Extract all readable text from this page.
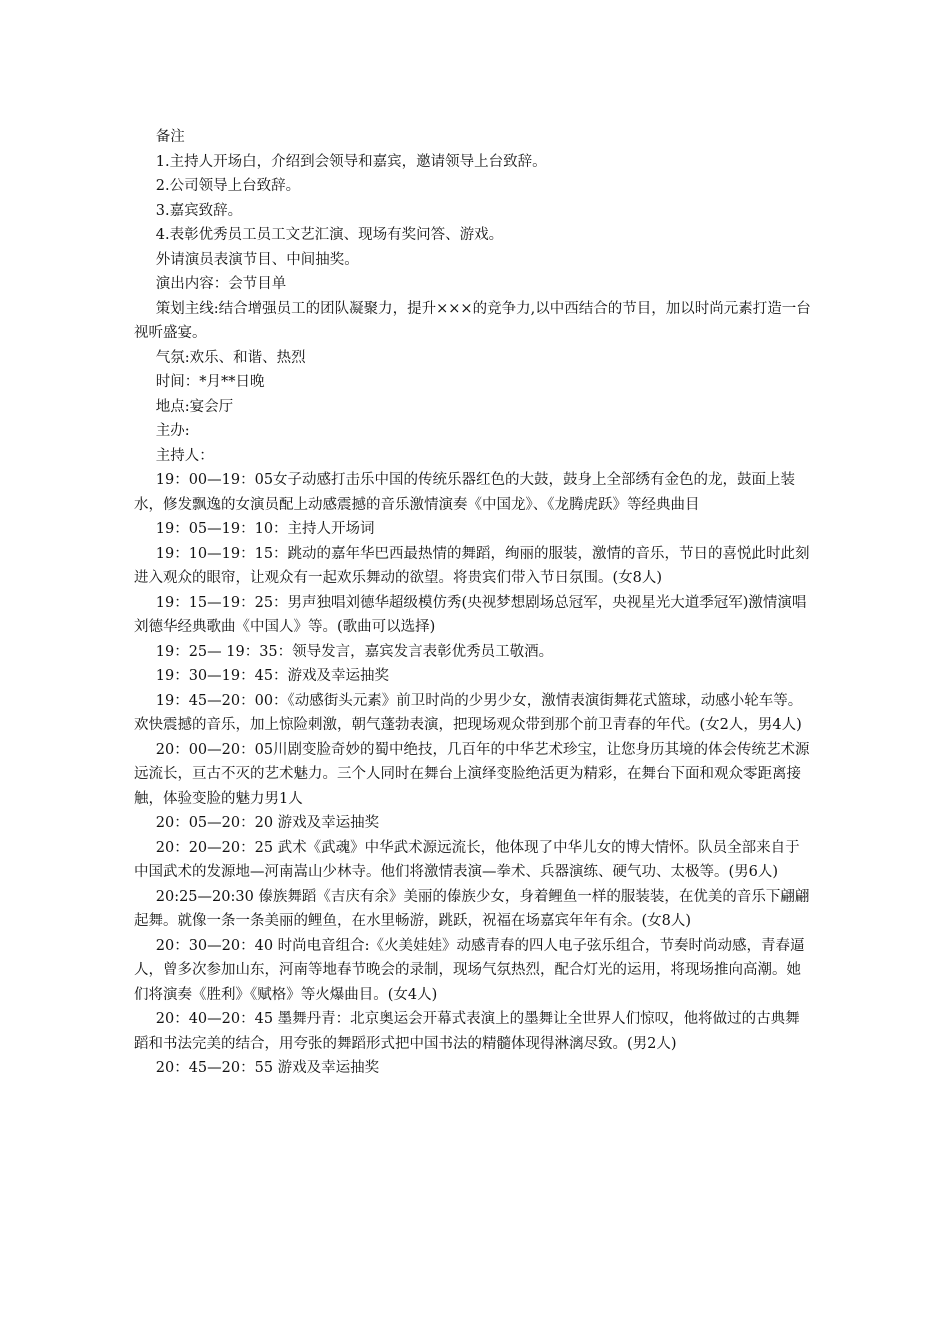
备注

1.主持人开场白，介绍到会领导和嘉宾，邀请领导上台致辞。

2.公司领导上台致辞。

3.嘉宾致辞。

4.表彰优秀员工员工文艺汇演、现场有奖问答、游戏。

外请演员表演节目、中间抽奖。

演出内容：会节目单

策划主线:结合增强员工的团队凝聚力，提升×××的竞争力,以中西结合的节目，加以时尚元素打造一台视听盛宴。

气氛:欢乐、和谐、热烈

时间：*月**日晚

地点:宴会厅

主办:

主持人：

19：00—19：05女子动感打击乐中国的传统乐器红色的大鼓，鼓身上全部绣有金色的龙，鼓面上装水，修发飘逸的女演员配上动感震撼的音乐激情演奏《中国龙》、《龙腾虎跃》等经典曲目

19：05—19：10：主持人开场词

19：10—19：15：跳动的嘉年华巴西最热情的舞蹈，绚丽的服装，激情的音乐，节日的喜悦此时此刻进入观众的眼帘，让观众有一起欢乐舞动的欲望。将贵宾们带入节日氛围。(女8人)

19：15—19：25：男声独唱刘德华超级模仿秀(央视梦想剧场总冠军，央视星光大道季冠军)激情演唱刘德华经典歌曲《中国人》等。(歌曲可以选择)

19：25— 19：35：领导发言，嘉宾发言表彰优秀员工敬酒。

19：30—19：45：游戏及幸运抽奖

19：45—20：00：《动感街头元素》前卫时尚的少男少女，激情表演街舞花式篮球，动感小轮车等。欢快震撼的音乐，加上惊险刺激，朝气蓬勃表演，把现场观众带到那个前卫青春的年代。(女2人，男4人)

20：00—20：05川剧变脸奇妙的蜀中绝技，几百年的中华艺术珍宝，让您身历其境的体会传统艺术源远流长，亘古不灭的艺术魅力。三个人同时在舞台上演绎变脸绝活更为精彩，在舞台下面和观众零距离接触，体验变脸的魅力男1人

20：05—20：20 游戏及幸运抽奖

20：20—20：25 武术《武魂》中华武术源远流长，他体现了中华儿女的博大情怀。队员全部来自于中国武术的发源地—河南嵩山少林寺。他们将激情表演—拳术、兵器演练、硬气功、太极等。(男6人)

20:25—20:30 傣族舞蹈《吉庆有余》美丽的傣族少女，身着鲤鱼一样的服装装，在优美的音乐下翩翩起舞。就像一条一条美丽的鲤鱼，在水里畅游，跳跃，祝福在场嘉宾年年有余。(女8人)

20：30—20：40 时尚电音组合:《火美娃娃》动感青春的四人电子弦乐组合，节奏时尚动感，青春逼人，曾多次参加山东，河南等地春节晚会的录制，现场气氛热烈，配合灯光的运用，将现场推向高潮。她们将演奏《胜利》《赋格》等火爆曲目。(女4人)

20：40—20：45 墨舞丹青：北京奥运会开幕式表演上的墨舞让全世界人们惊叹，他将做过的古典舞蹈和书法完美的结合，用夸张的舞蹈形式把中国书法的精髓体现得淋漓尽致。(男2人)

20：45—20：55 游戏及幸运抽奖
